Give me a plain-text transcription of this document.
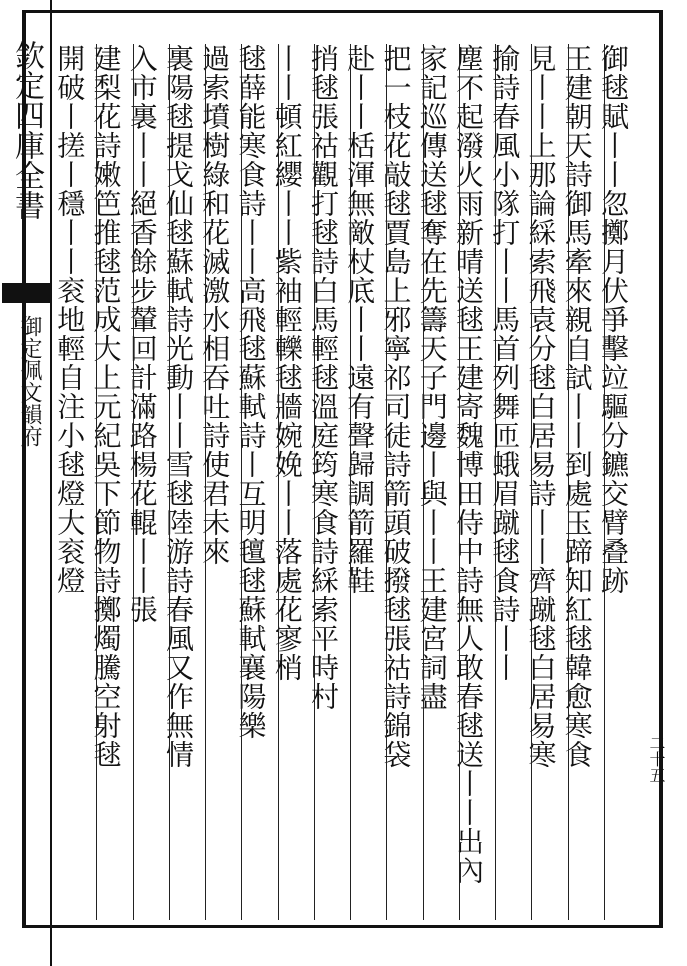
欽定四庫全書
御定佩文韻府	御毬賦丨丨忽擲月伏爭擊竝驅分鑣交臂叠跡
王建朝天詩御馬牽來親自試丨丨到處玉蹄知紅毬韓愈寒食
見丨丨上那論綵索飛袁分毬白居易詩丨丨齊蹴毬白居易寒
揄詩春風小隊打丨丨馬首列舞匝蛾眉蹴毬食詩丨丨
塵不起潑火雨新晴送毬王建寄魏博田侍中詩無人敢春毬送丨丨出內
家記巡傳送毬奪在先籌天子門邊丨與丨丨王建宮詞盡
把一枝花敲毬賈島上邪寧祁司徒詩箭頭破撥毬張祜詩錦袋
赴丨丨栝渾無敵杖底丨丨遠有聲歸調箭羅鞋
捎毬張祜觀打毬詩白馬輕毬溫庭筠寒食詩綵索平時村
丨丨頓紅纓丨丨紫袖輕轢毬牆婉娩丨丨落處花寥梢
毬薛能寒食詩丨丨高飛毬蘇軾詩丨互明氊毬蘇軾襄陽樂
過索墳樹綠和花滅激水相吞吐詩使君未來
裏陽毬提戈仙毬蘇軾詩光動丨丨雪毬陸游詩春風又作無情
入市裏丨丨絕香餘步輦回計滿路楊花輥丨丨張
建梨花詩嫩笆推毬范成大上元紀吳下節物詩擲燭騰空射毬
開破丨搓丨穩丨丨衮地輕自注小毬燈大衮燈
二十五
